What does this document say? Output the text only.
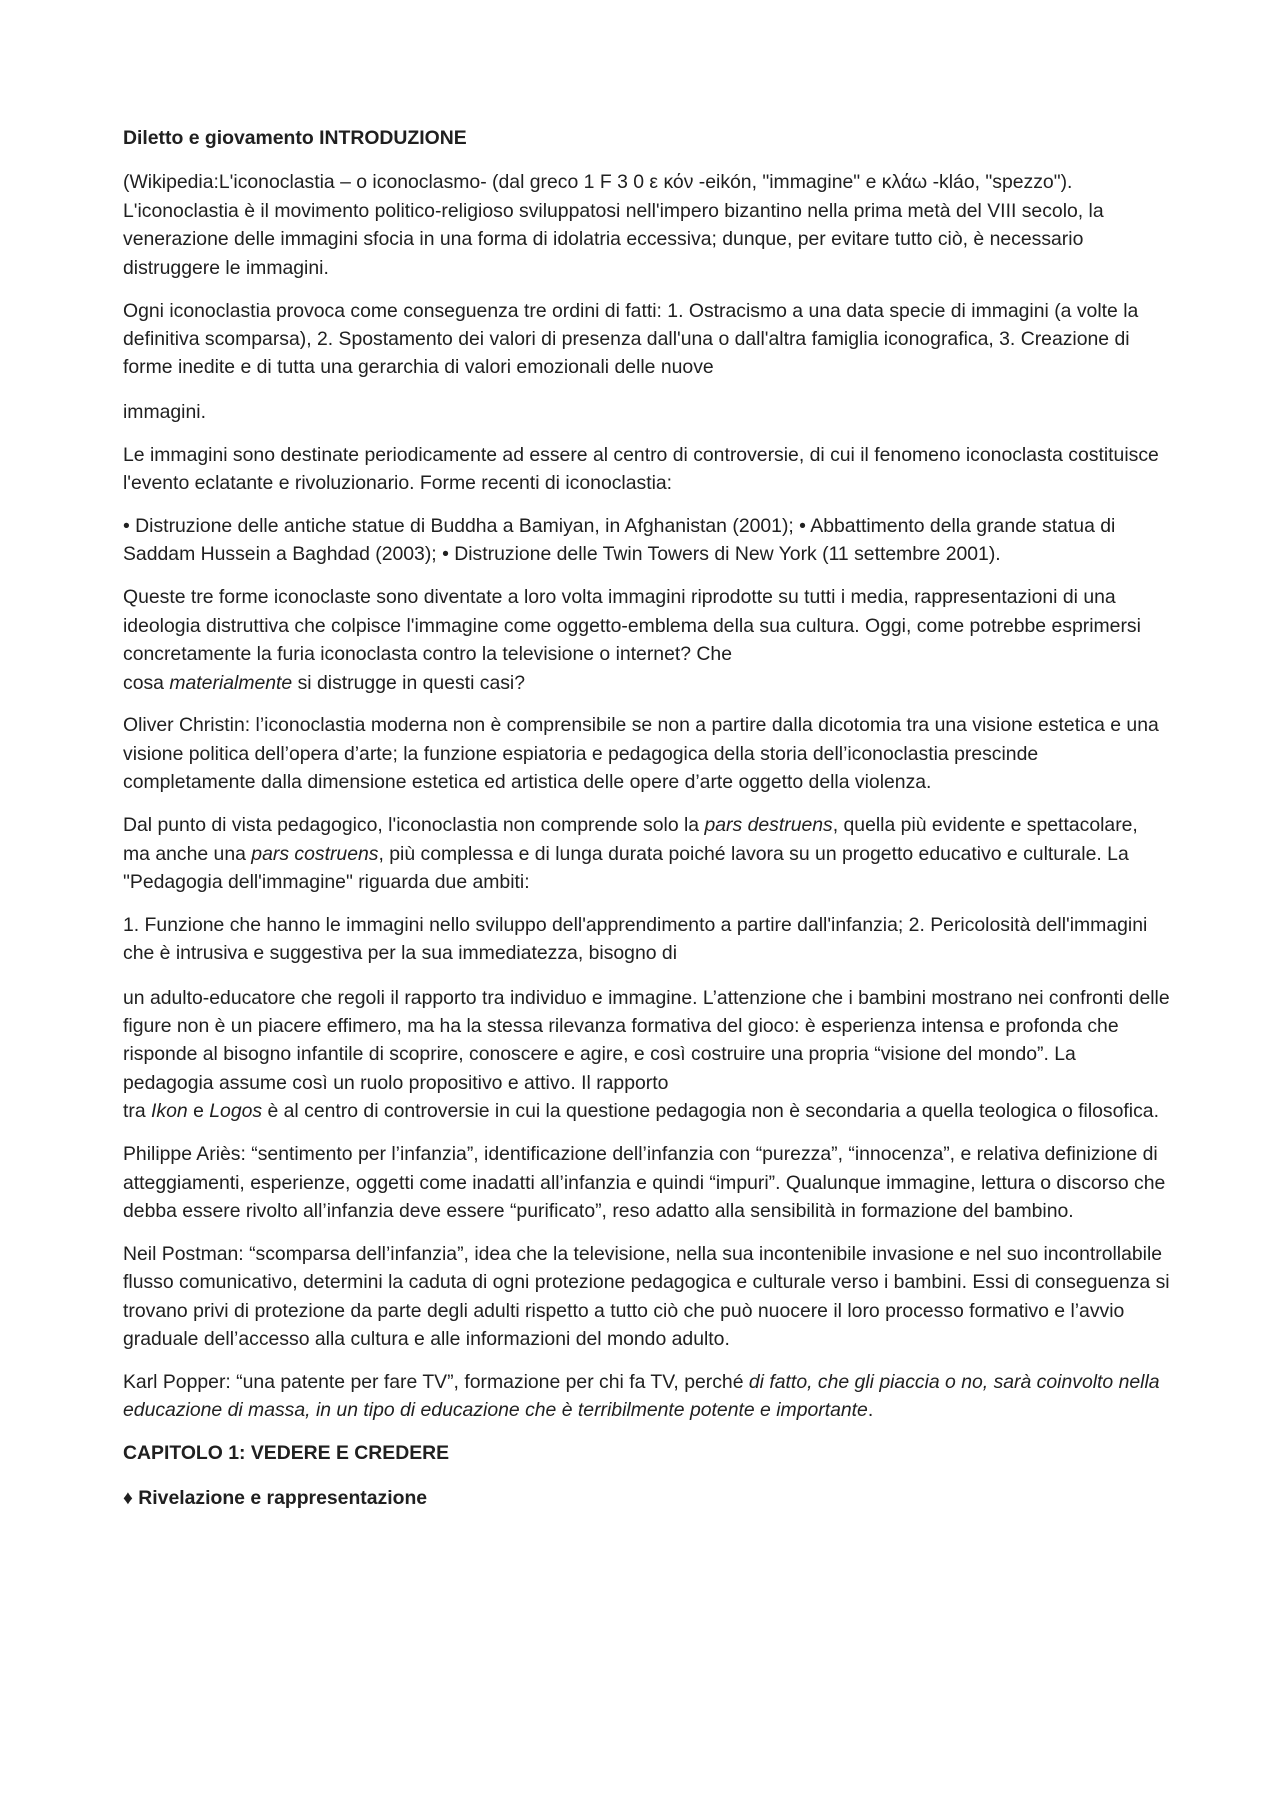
Diletto e giovamento INTRODUZIONE

(Wikipedia:L'iconoclastia – o iconoclasmo- (dal greco 1 F 3 0 ε κόν -eikón, "immagine" e κλάω -kláo, "spezzo"). L'iconoclastia è il movimento politico-religioso sviluppatosi nell'impero bizantino nella prima metà del VIII secolo, la venerazione delle immagini sfocia in una forma di idolatria eccessiva; dunque, per evitare tutto ciò, è necessario distruggere le immagini.

Ogni iconoclastia provoca come conseguenza tre ordini di fatti: 1. Ostracismo a una data specie di immagini (a volte la definitiva scomparsa), 2. Spostamento dei valori di presenza dall'una o dall'altra famiglia iconografica, 3. Creazione di forme inedite e di tutta una gerarchia di valori emozionali delle nuove

immagini.

Le immagini sono destinate periodicamente ad essere al centro di controversie, di cui il fenomeno iconoclasta costituisce l'evento eclatante e rivoluzionario. Forme recenti di iconoclastia:

• Distruzione delle antiche statue di Buddha a Bamiyan, in Afghanistan (2001); • Abbattimento della grande statua di Saddam Hussein a Baghdad (2003); • Distruzione delle Twin Towers di New York (11 settembre 2001).

Queste tre forme iconoclaste sono diventate a loro volta immagini riprodotte su tutti i media, rappresentazioni di una ideologia distruttiva che colpisce l'immagine come oggetto-emblema della sua cultura. Oggi, come potrebbe esprimersi concretamente la furia iconoclasta contro la televisione o internet? Che
cosa materialmente si distrugge in questi casi?

Oliver Christin: l’iconoclastia moderna non è comprensibile se non a partire dalla dicotomia tra una visione estetica e una visione politica dell’opera d’arte; la funzione espiatoria e pedagogica della storia dell’iconoclastia prescinde completamente dalla dimensione estetica ed artistica delle opere d’arte oggetto della violenza.

Dal punto di vista pedagogico, l'iconoclastia non comprende solo la pars destruens, quella più evidente e spettacolare, ma anche una pars costruens, più complessa e di lunga durata poiché lavora su un progetto educativo e culturale. La "Pedagogia dell'immagine" riguarda due ambiti:

1. Funzione che hanno le immagini nello sviluppo dell'apprendimento a partire dall'infanzia; 2. Pericolosità dell'immagini che è intrusiva e suggestiva per la sua immediatezza, bisogno di

un adulto-educatore che regoli il rapporto tra individuo e immagine. L’attenzione che i bambini mostrano nei confronti delle figure non è un piacere effimero, ma ha la stessa rilevanza formativa del gioco: è esperienza intensa e profonda che risponde al bisogno infantile di scoprire, conoscere e agire, e così costruire una propria “visione del mondo”. La pedagogia assume così un ruolo propositivo e attivo. Il rapporto
tra Ikon e Logos è al centro di controversie in cui la questione pedagogia non è secondaria a quella teologica o filosofica.

Philippe Ariès: “sentimento per l’infanzia”, identificazione dell’infanzia con “purezza”, “innocenza”, e relativa definizione di atteggiamenti, esperienze, oggetti come inadatti all’infanzia e quindi “impuri”. Qualunque immagine, lettura o discorso che debba essere rivolto all’infanzia deve essere “purificato”, reso adatto alla sensibilità in formazione del bambino.

Neil Postman: “scomparsa dell’infanzia”, idea che la televisione, nella sua incontenibile invasione e nel suo incontrollabile flusso comunicativo, determini la caduta di ogni protezione pedagogica e culturale verso i bambini. Essi di conseguenza si trovano privi di protezione da parte degli adulti rispetto a tutto ciò che può nuocere il loro processo formativo e l’avvio graduale dell’accesso alla cultura e alle informazioni del mondo adulto.

Karl Popper: “una patente per fare TV”, formazione per chi fa TV, perché di fatto, che gli piaccia o no, sarà coinvolto nella educazione di massa, in un tipo di educazione che è terribilmente potente e importante.

CAPITOLO 1: VEDERE E CREDERE

♦ Rivelazione e rappresentazione
